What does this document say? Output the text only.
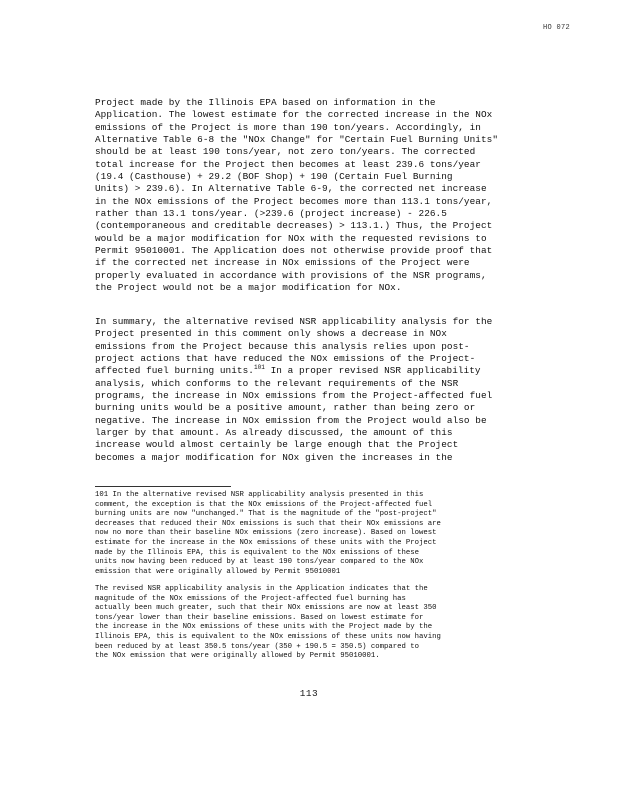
HO 072
Project made by the Illinois EPA based on information in the
Application. The lowest estimate for the corrected increase in the NOx
emissions of the Project is more than 190 ton/years. Accordingly, in
Alternative Table 6-8 the "NOx Change" for "Certain Fuel Burning Units"
should be at least 190 tons/year, not zero ton/years. The corrected
total increase for the Project then becomes at least 239.6 tons/year
(19.4 (Casthouse) + 29.2 (BOF Shop) + 190 (Certain Fuel Burning
Units) > 239.6). In Alternative Table 6-9, the corrected net increase
in the NOx emissions of the Project becomes more than 113.1 tons/year,
rather than 13.1 tons/year. (>239.6 (project increase) - 226.5
(contemporaneous and creditable decreases) > 113.1.) Thus, the Project
would be a major modification for NOx with the requested revisions to
Permit 95010001. The Application does not otherwise provide proof that
if the corrected net increase in NOx emissions of the Project were
properly evaluated in accordance with provisions of the NSR programs,
the Project would not be a major modification for NOx.
In summary, the alternative revised NSR applicability analysis for the
Project presented in this comment only shows a decrease in NOx
emissions from the Project because this analysis relies upon post-
project actions that have reduced the NOx emissions of the Project-
affected fuel burning units.$^{101}$ In a proper revised NSR applicability
analysis, which conforms to the relevant requirements of the NSR
programs, the increase in NOx emissions from the Project-affected fuel
burning units would be a positive amount, rather than being zero or
negative. The increase in NOx emission from the Project would also be
larger by that amount. As already discussed, the amount of this
increase would almost certainly be large enough that the Project
becomes a major modification for NOx given the increases in the
101 In the alternative revised NSR applicability analysis presented in this
comment, the exception is that the NOx emissions of the Project-affected fuel
burning units are now "unchanged." That is the magnitude of the "post-project"
decreases that reduced their NOx emissions is such that their NOx emissions are
now no more than their baseline NOx emissions (zero increase). Based on lowest
estimate for the increase in the NOx emissions of these units with the Project
made by the Illinois EPA, this is equivalent to the NOx emissions of these
units now having been reduced by at least 190 tons/year compared to the NOx
emission that were originally allowed by Permit 95010001
The revised NSR applicability analysis in the Application indicates that the
magnitude of the NOx emissions of the Project-affected fuel burning has
actually been much greater, such that their NOx emissions are now at least 350
tons/year lower than their baseline emissions. Based on lowest estimate for
the increase in the NOx emissions of these units with the Project made by the
Illinois EPA, this is equivalent to the NOx emissions of these units now having
been reduced by at least 350.5 tons/year (350 + 190.5 = 350.5) compared to
the NOx emission that were originally allowed by Permit 95010001.
113
